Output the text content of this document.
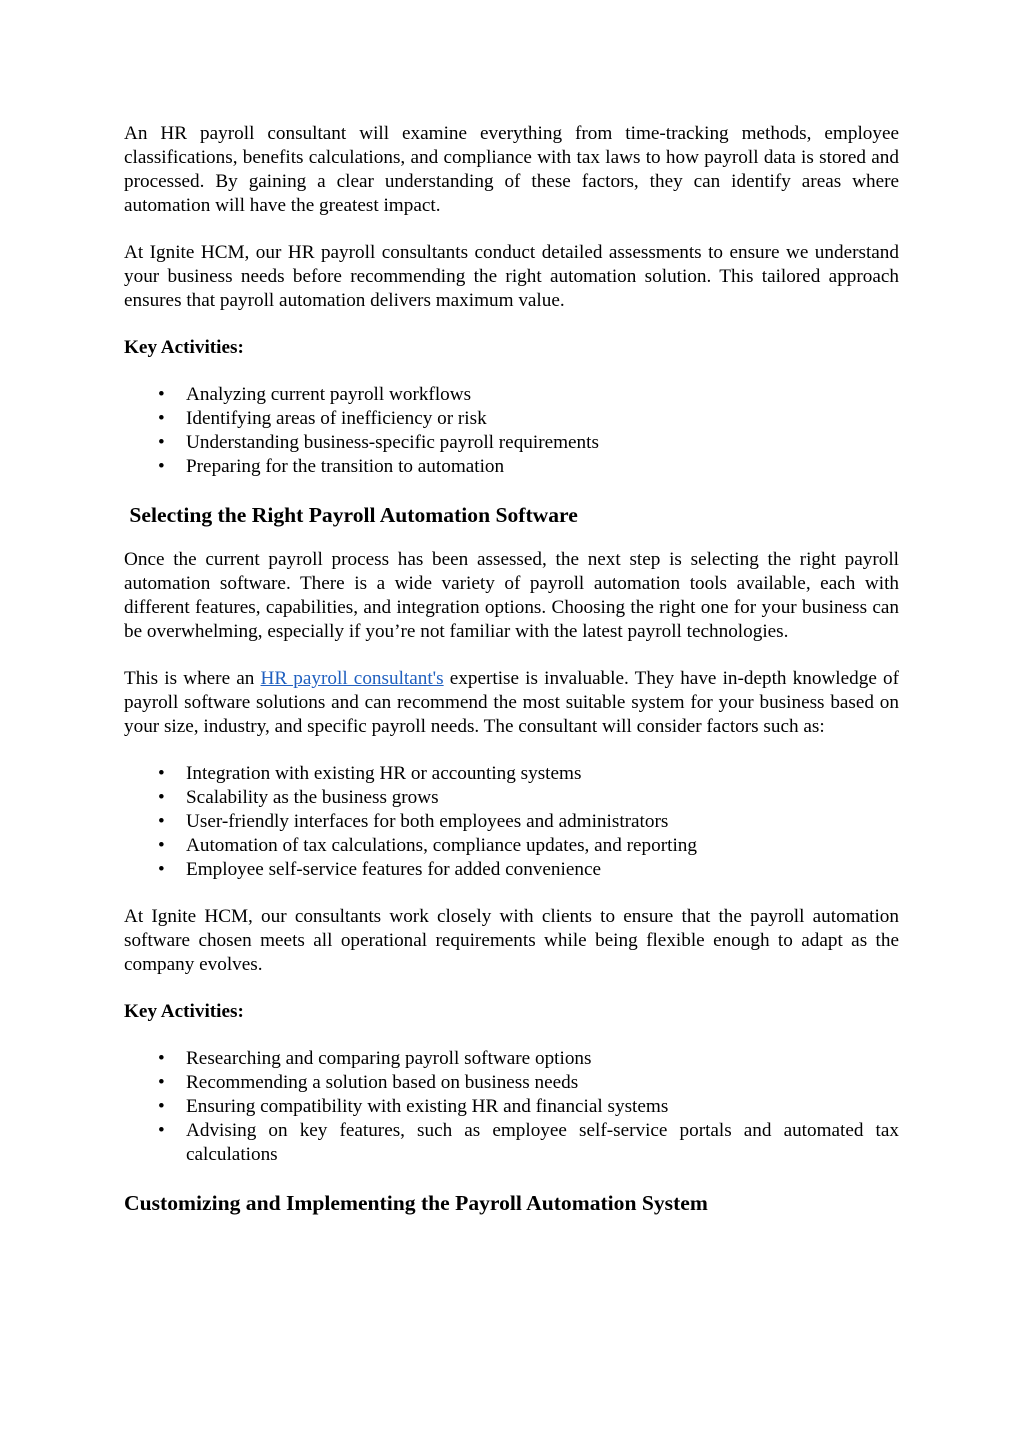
An HR payroll consultant will examine everything from time-tracking methods, employee classifications, benefits calculations, and compliance with tax laws to how payroll data is stored and processed. By gaining a clear understanding of these factors, they can identify areas where automation will have the greatest impact.

At Ignite HCM, our HR payroll consultants conduct detailed assessments to ensure we understand your business needs before recommending the right automation solution. This tailored approach ensures that payroll automation delivers maximum value.

Key Activities:

• Analyzing current payroll workflows
• Identifying areas of inefficiency or risk
• Understanding business-specific payroll requirements
• Preparing for the transition to automation
Selecting the Right Payroll Automation Software

Once the current payroll process has been assessed, the next step is selecting the right payroll automation software. There is a wide variety of payroll automation tools available, each with different features, capabilities, and integration options. Choosing the right one for your business can be overwhelming, especially if you’re not familiar with the latest payroll technologies.

This is where an HR payroll consultant's expertise is invaluable. They have in-depth knowledge of payroll software solutions and can recommend the most suitable system for your business based on your size, industry, and specific payroll needs. The consultant will consider factors such as:

• Integration with existing HR or accounting systems
• Scalability as the business grows
• User-friendly interfaces for both employees and administrators
• Automation of tax calculations, compliance updates, and reporting
• Employee self-service features for added convenience

At Ignite HCM, our consultants work closely with clients to ensure that the payroll automation software chosen meets all operational requirements while being flexible enough to adapt as the company evolves.

Key Activities:

• Researching and comparing payroll software options
• Recommending a solution based on business needs
• Ensuring compatibility with existing HR and financial systems
• Advising on key features, such as employee self-service portals and automated tax calculations
Customizing and Implementing the Payroll Automation System
